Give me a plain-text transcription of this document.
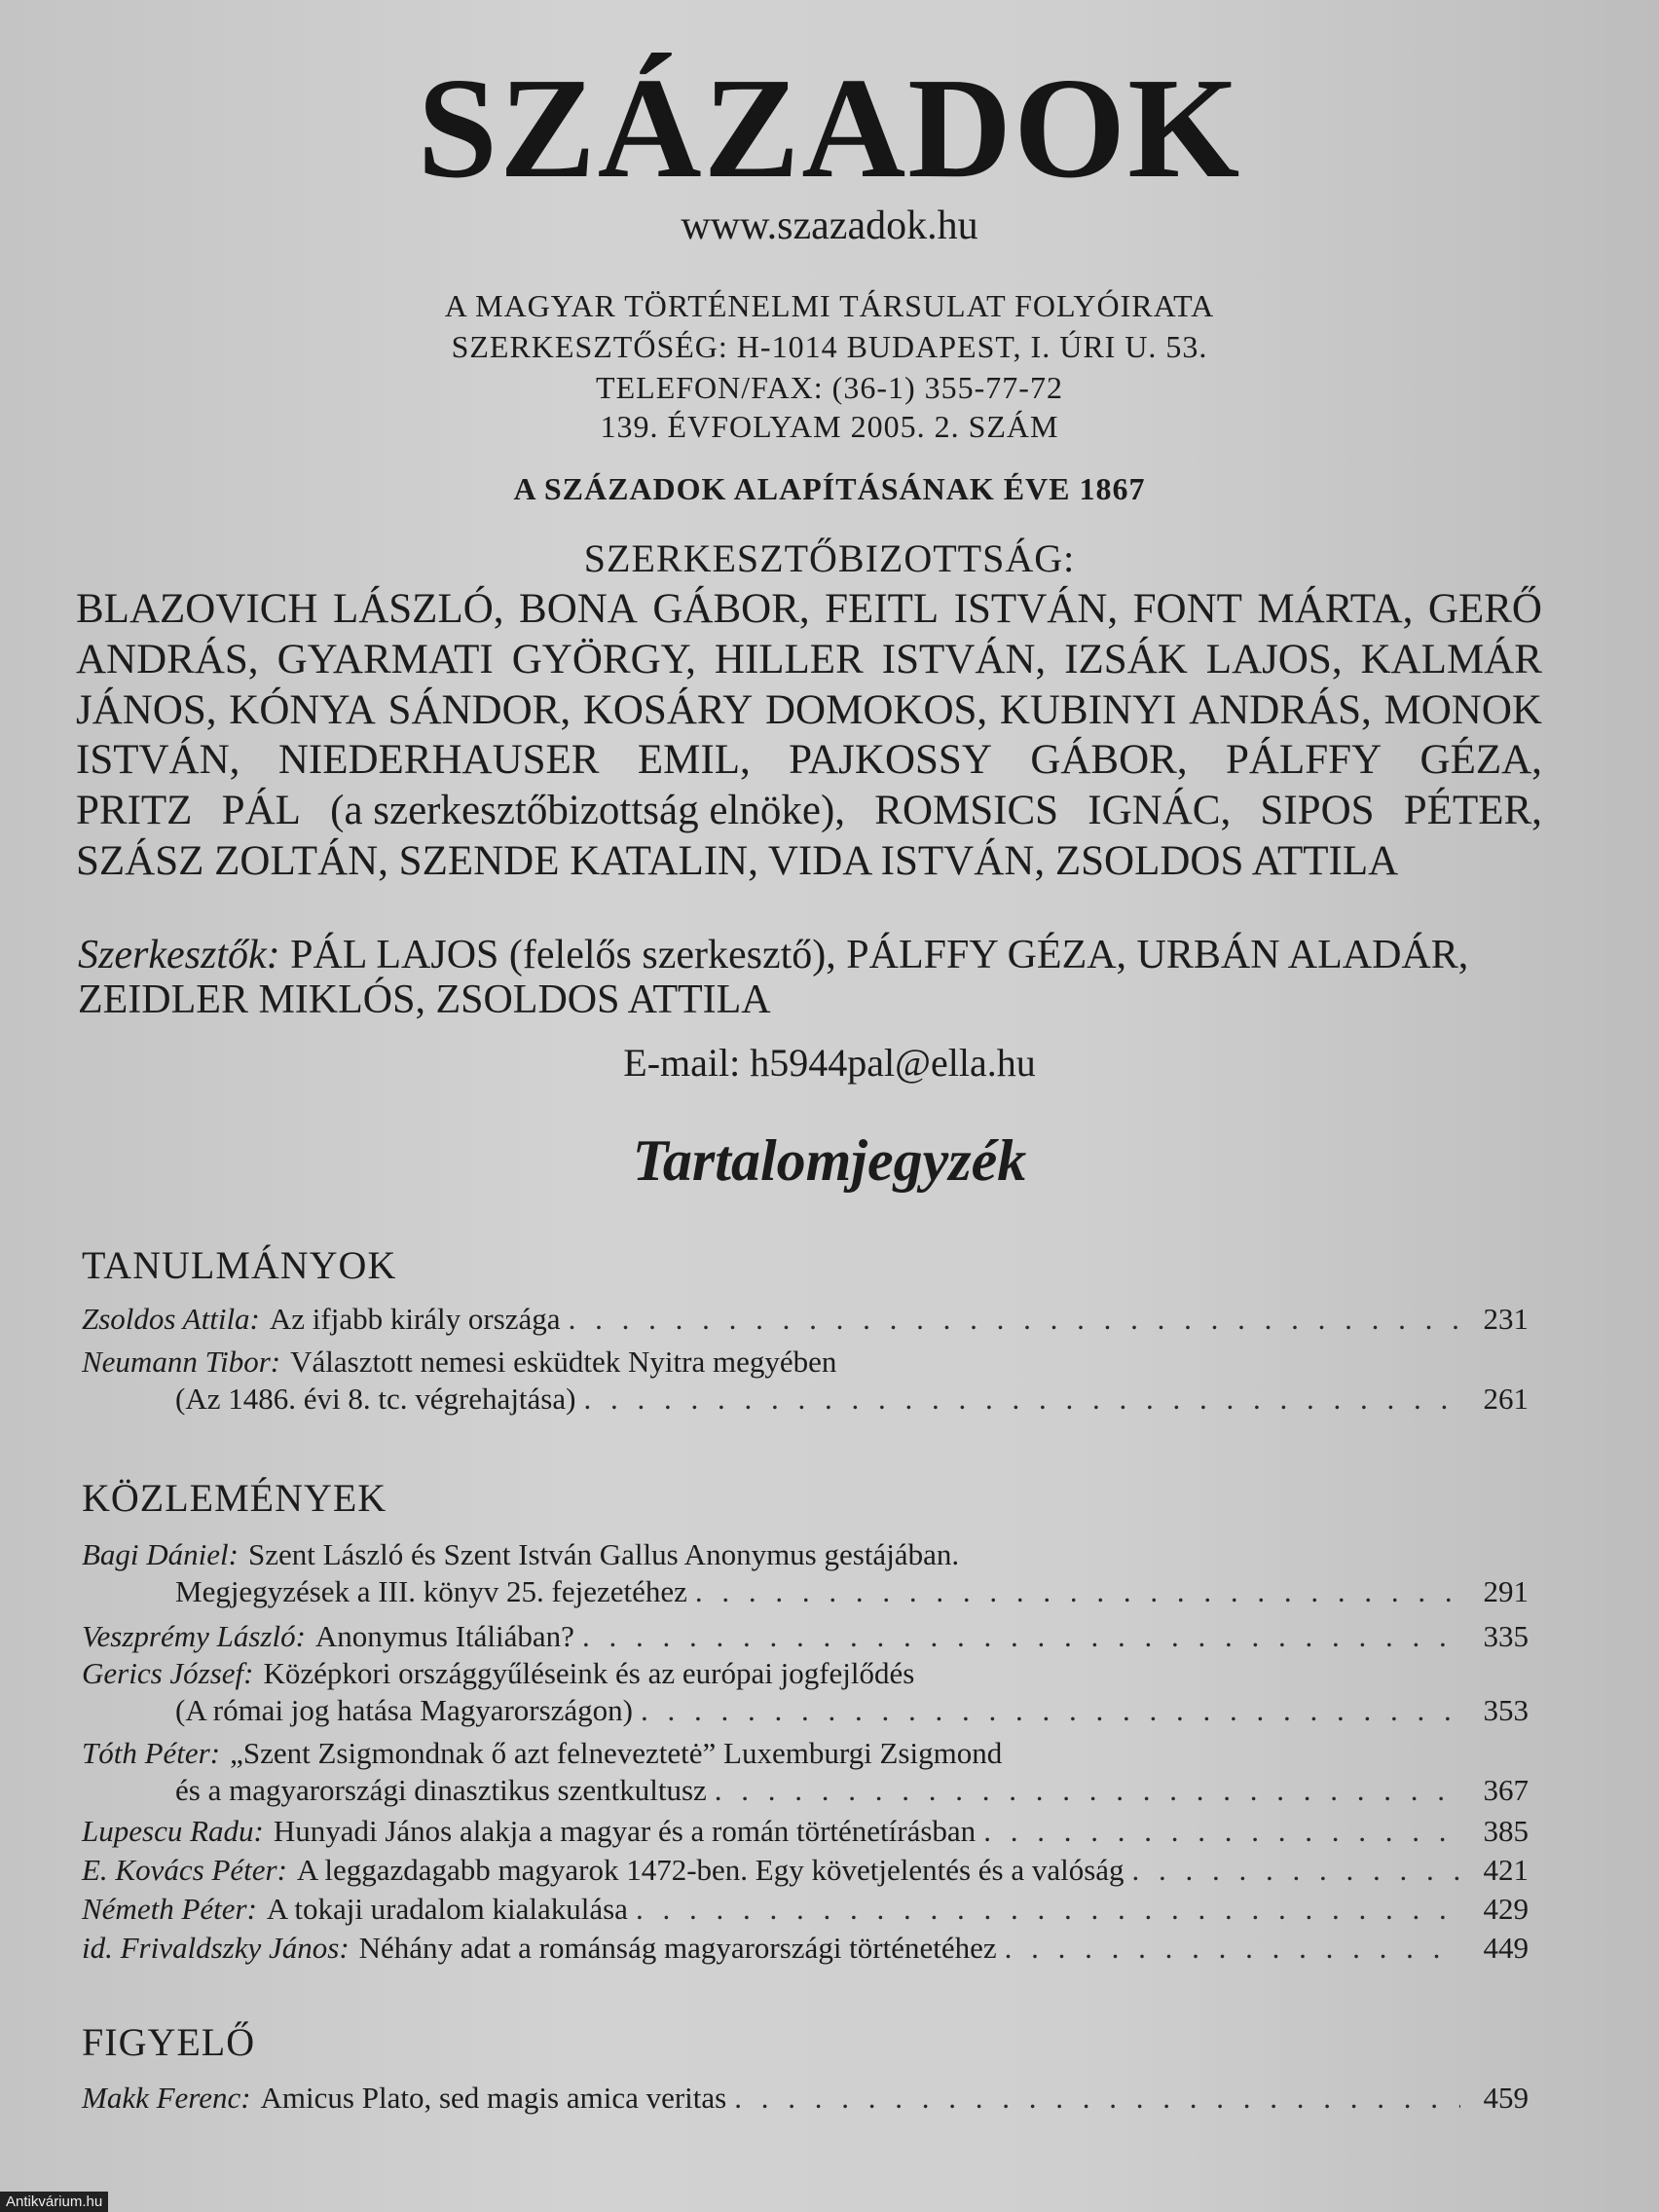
SZÁZADOK
www.szazadok.hu
A MAGYAR TÖRTÉNELMI TÁRSULAT FOLYÓIRATA
SZERKESZTŐSÉG: H-1014 BUDAPEST, I. ÚRI U. 53.
TELEFON/FAX: (36-1) 355-77-72
139. ÉVFOLYAM 2005. 2. SZÁM
A SZÁZADOK ALAPÍTÁSÁNAK ÉVE 1867
SZERKESZTŐBIZOTTSÁG:
BLAZOVICH LÁSZLÓ, BONA GÁBOR, FEITL ISTVÁN, FONT MÁRTA, GERŐ
ANDRÁS, GYARMATI GYÖRGY, HILLER ISTVÁN, IZSÁK LAJOS, KALMÁR
JÁNOS, KÓNYA SÁNDOR, KOSÁRY DOMOKOS, KUBINYI ANDRÁS, MONOK
ISTVÁN, NIEDERHAUSER EMIL, PAJKOSSY GÁBOR, PÁLFFY GÉZA,
PRITZ PÁL (a szerkesztőbizottság elnöke), ROMSICS IGNÁC, SIPOS PÉTER,
SZÁSZ ZOLTÁN, SZENDE KATALIN, VIDA ISTVÁN, ZSOLDOS ATTILA
Szerkesztők: PÁL LAJOS (felelős szerkesztő), PÁLFFY GÉZA, URBÁN ALADÁR,
ZEIDLER MIKLÓS, ZSOLDOS ATTILA
E-mail: h5944pal@ella.hu
Tartalomjegyzék
TANULMÁNYOK
Zsoldos Attila: Az ifjabb király országa . . .	231
Neumann Tibor: Választott nemesi esküdtek Nyitra megyében
(Az 1486. évi 8. tc. végrehajtása) . . .	261
KÖZLEMÉNYEK
Bagi Dániel: Szent László és Szent István Gallus Anonymus gestájában.
Megjegyzések a III. könyv 25. fejezetéhez . . .	291
Veszprémy László: Anonymus Itáliában? . . .	335
Gerics József: Középkori országgyűléseink és az európai jogfejlődés
(A római jog hatása Magyarországon) . . .	353
Tóth Péter: „Szent Zsigmondnak ő azt felneveztetė” Luxemburgi Zsigmond
és a magyarországi dinasztikus szentkultusz . . .	367
Lupescu Radu: Hunyadi János alakja a magyar és a román történetírásban . . .	385
E. Kovács Péter: A leggazdagabb magyarok 1472-ben. Egy követjelentés és a valóság . . .	421
Németh Péter: A tokaji uradalom kialakulása . . .	429
id. Frivaldszky János: Néhány adat a románság magyarországi történetéhez . . .	449
FIGYELŐ
Makk Ferenc: Amicus Plato, sed magis amica veritas . . .	459
Antikvárium.hu
